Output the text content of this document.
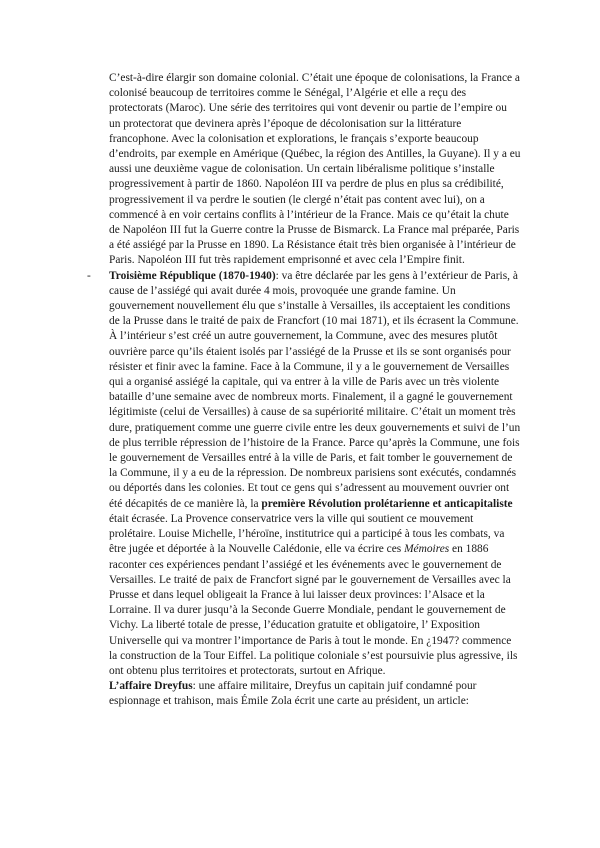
C’est-à-dire élargir son domaine colonial. C’était une époque de colonisations, la France a colonisé beaucoup de territoires comme le Sénégal, l’Algérie et elle a reçu des protectorats (Maroc). Une série des territoires qui vont devenir ou partie de l’empire ou un protectorat que devinera après l’époque de décolonisation sur la littérature francophone. Avec la colonisation et explorations, le français s’exporte beaucoup d’endroits, par exemple en Amérique (Québec, la région des Antilles, la Guyane). Il y a eu aussi une deuxième vague de colonisation. Un certain libéralisme politique s’installe progressivement à partir de 1860. Napoléon III va perdre de plus en plus sa crédibilité, progressivement il va perdre le soutien (le clergé n’était pas content avec lui), on a commencé à en voir certains conflits à l’intérieur de la France. Mais ce qu’était la chute de Napoléon III fut la Guerre contre la Prusse de Bismarck. La France mal préparée, Paris a été assiégé par la Prusse en 1890. La Résistance était très bien organisée à l’intérieur de Paris. Napoléon III fut très rapidement emprisonné et avec cela l’Empire finit.

- Troisième République (1870-1940): va être déclarée par les gens à l’extérieur de Paris, à cause de l’assiégé qui avait durée 4 mois, provoquée une grande famine. Un gouvernement nouvellement élu que s’installe à Versailles, ils acceptaient les conditions de la Prusse dans le traité de paix de Francfort (10 mai 1871), et ils écrasent la Commune. À l’intérieur s’est créé un autre gouvernement, la Commune, avec des mesures plutôt ouvrière parce qu’ils étaient isolés par l’assiégé de la Prusse et ils se sont organisés pour résister et finir avec la famine. Face à la Commune, il y a le gouvernement de Versailles qui a organisé assiégé la capitale, qui va entrer à la ville de Paris avec un très violente bataille d’une semaine avec de nombreux morts. Finalement, il a gagné le gouvernement légitimiste (celui de Versailles) à cause de sa supériorité militaire. C’était un moment très dure, pratiquement comme une guerre civile entre les deux gouvernements et suivi de l’un de plus terrible répression de l’histoire de la France. Parce qu’après la Commune, une fois le gouvernement de Versailles entré à la ville de Paris, et fait tomber le gouvernement de la Commune, il y a eu de la répression. De nombreux parisiens sont exécutés, condamnés ou déportés dans les colonies. Et tout ce gens qui s’adressent au mouvement ouvrier ont été décapités de ce manière là, la première Révolution prolétarienne et anticapitaliste était écrasée. La Provence conservatrice vers la ville qui soutient ce mouvement prolétaire. Louise Michelle, l’héroïne, institutrice qui a participé à tous les combats, va être jugée et déportée à la Nouvelle Calédonie, elle va écrire ces Mémoires en 1886 raconter ces expériences pendant l’assiégé et les événements avec le gouvernement de Versailles. Le traité de paix de Francfort signé par le gouvernement de Versailles avec la Prusse et dans lequel obligeait la France à lui laisser deux provinces: l’Alsace et la Lorraine. Il va durer jusqu’à la Seconde Guerre Mondiale, pendant le gouvernement de Vichy. La liberté totale de presse, l’éducation gratuite et obligatoire, l’ Exposition Universelle qui va montrer l’importance de Paris à tout le monde. En ¿1947? commence la construction de la Tour Eiffel. La politique coloniale s’est poursuivie plus agressive, ils ont obtenu plus territoires et protectorats, surtout en Afrique.

L’affaire Dreyfus: une affaire militaire, Dreyfus un capitain juif condamné pour espionnage et trahison, mais Émile Zola écrit une carte au président, un article:
